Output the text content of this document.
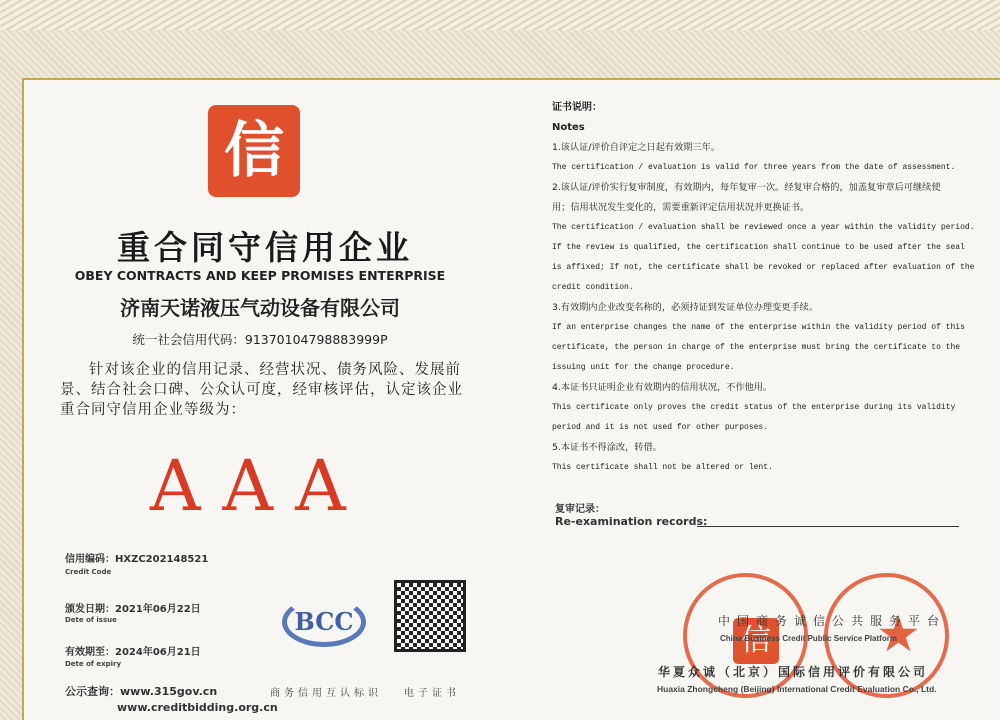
信
重合同守信用企业
OBEY CONTRACTS AND KEEP PROMISES ENTERPRISE
济南天诺液压气动设备有限公司
统一社会信用代码：91370104798883999P
针对该企业的信用记录、经营状况、债务风险、发展前景、结合社会口碑、公众认可度，经审核评估，认定该企业重合同守信用企业等级为：
AAA
信用编码：HXZC202148521
Credit Code
颁发日期：2021年06月22日
Dete of issue
有效期至：2024年06月21日
Dete of expiry
公示查询：www.315gov.cn
www.creditbidding.org.cn
BCC
商务信用互认标识 电子证书
证书说明：
Notes
1.该认证/评价自评定之日起有效期三年。
The certification / evaluation is valid for three years from the date of assessment.
2.该认证/评价实行复审制度，有效期内，每年复审一次。经复审合格的，加盖复审章后可继续使
用；信用状况发生变化的，需要重新评定信用状况并更换证书。
The certification / evaluation shall be reviewed once a year within the validity period.
If the review is qualified, the certification shall continue to be used after the seal
is affixed; If not, the certificate shall be revoked or replaced after evaluation of the
credit condition.
3.有效期内企业改变名称的，必须持证到发证单位办理变更手续。
If an enterprise changes the name of the enterprise within the validity period of this
certificate, the person in charge of the enterprise must bring the certificate to the
issuing unit for the change procedure.
4.本证书只证明企业有效期内的信用状况，不作他用。
This certificate only proves the credit status of the enterprise during its validity
period and it is not used for other purposes.
5.本证书不得涂改，转借。
This certificate shall not be altered or lent.
复审记录：
Re-examination records:
★
信
中国商务诚信公共服务平台
China Business Credit Public Service Platform
华夏众诚（北京）国际信用评价有限公司
Huaxia Zhongcheng (Beijing) International Credit Evaluation Co., Ltd.
